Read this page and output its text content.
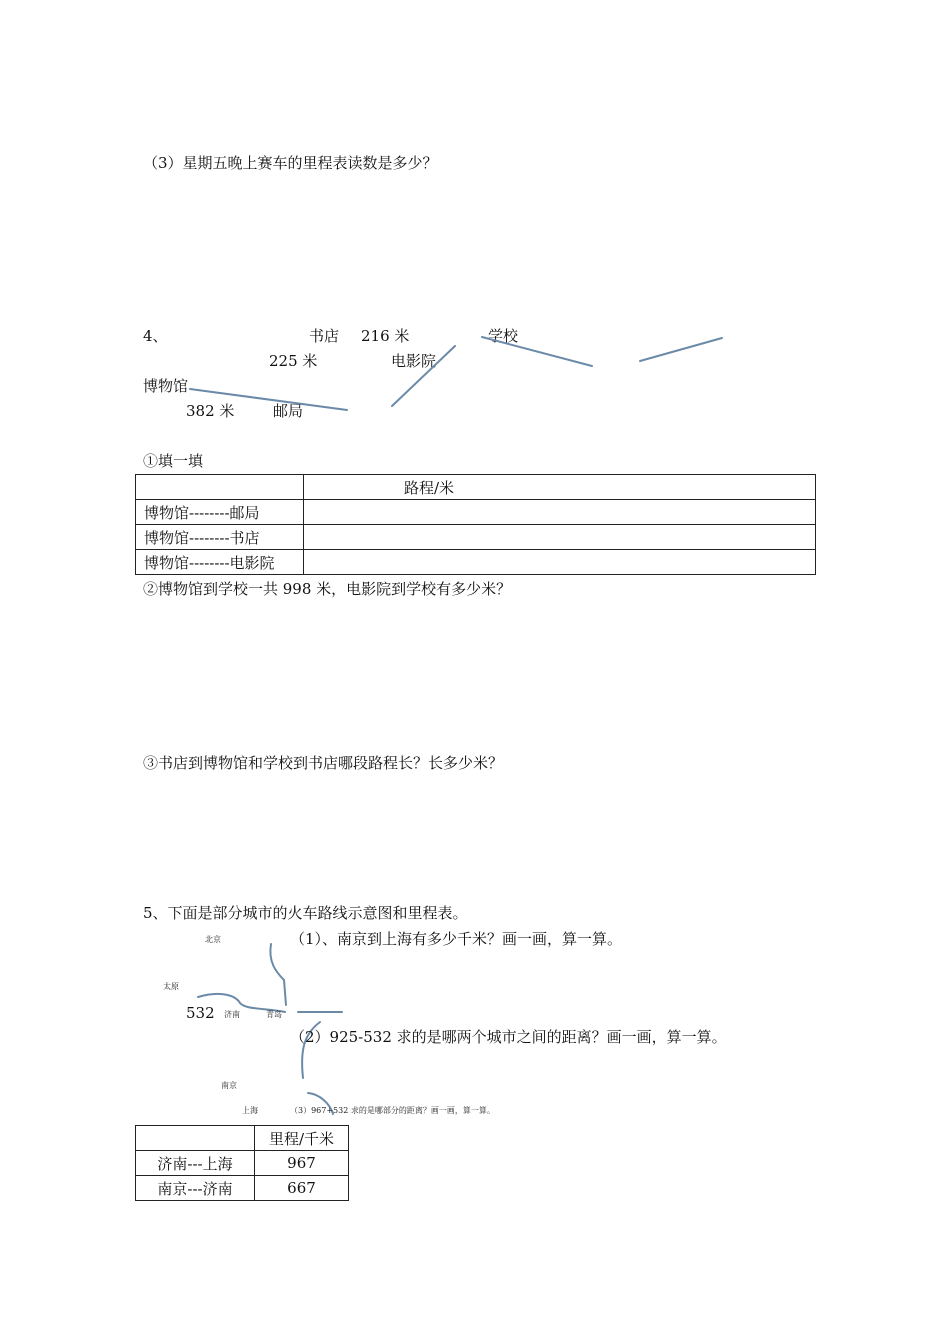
（3）星期五晚上赛车的里程表读数是多少？
4、	书店 216 米	学校
225 米	电影院
博物馆
382 米	邮局
①填一填
	路程/米
博物馆--------邮局	
博物馆--------书店	
博物馆--------电影院	
②博物馆到学校一共 998 米，电影院到学校有多少米？
③书店到博物馆和学校到书店哪段路程长？长多少米？
5、下面是部分城市的火车路线示意图和里程表。
北京	（1）、南京到上海有多少千米？画一画，算一算。
太原
532 济南	青岛
（2）925-532 求的是哪两个城市之间的距离？画一画，算一算。
南京
上海	（3）967+532 求的是哪部分的距离？画一画，算一算。
	里程/千米
济南---上海	967
南京---济南	667
